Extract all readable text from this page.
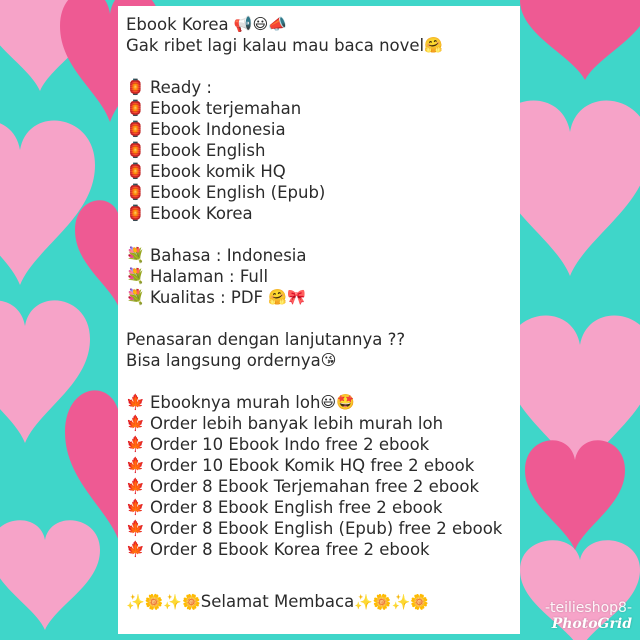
Ebook Korea 📢😃📣
Gak ribet lagi kalau mau baca novel🤗
🏮 Ready :
🏮 Ebook terjemahan
🏮 Ebook Indonesia
🏮 Ebook English
🏮 Ebook komik HQ
🏮 Ebook English (Epub)
🏮 Ebook Korea
💐 Bahasa : Indonesia
💐 Halaman : Full
💐 Kualitas : PDF 🤗🎀
Penasaran dengan lanjutannya ??
Bisa langsung ordernya😘
🍁 Ebooknya murah loh😃🤩
🍁 Order lebih banyak lebih murah loh
🍁 Order 10 Ebook Indo free 2 ebook
🍁 Order 10 Ebook Komik HQ free 2 ebook
🍁 Order 8 Ebook Terjemahan free 2 ebook
🍁 Order 8 Ebook English free 2 ebook
🍁 Order 8 Ebook English (Epub) free 2 ebook
🍁 Order 8 Ebook Korea free 2 ebook
✨🌼✨🌼Selamat Membaca✨🌼✨🌼	-teilieshop8-
PhotoGrid
